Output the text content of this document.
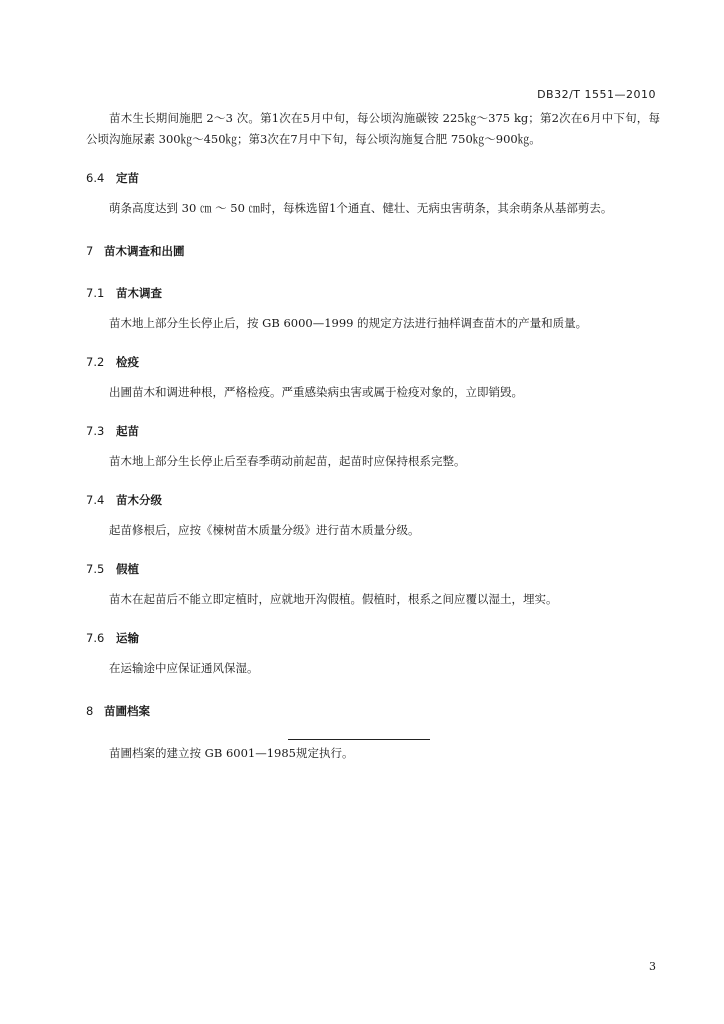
DB32/T 1551—2010

苗木生长期间施肥 2～3 次。第1次在5月中旬，每公顷沟施碳铵 225㎏～375 kg；第2次在6月中下旬，每公顷沟施尿素 300㎏～450㎏；第3次在7月中下旬，每公顷沟施复合肥 750㎏～900㎏。

6.4 定苗

萌条高度达到 30 ㎝ ～ 50 ㎝时，每株选留1个通直、健壮、无病虫害萌条，其余萌条从基部剪去。

7 苗木调查和出圃

7.1 苗木调查

苗木地上部分生长停止后，按 GB 6000—1999 的规定方法进行抽样调查苗木的产量和质量。

7.2 检疫

出圃苗木和调进种根，严格检疫。严重感染病虫害或属于检疫对象的，立即销毁。

7.3 起苗

苗木地上部分生长停止后至春季萌动前起苗，起苗时应保持根系完整。

7.4 苗木分级

起苗修根后，应按《楝树苗木质量分级》进行苗木质量分级。

7.5 假植

苗木在起苗后不能立即定植时，应就地开沟假植。假植时，根系之间应覆以湿土，埋实。

7.6 运输

在运输途中应保证通风保湿。

8 苗圃档案

苗圃档案的建立按 GB 6001—1985规定执行。

3
